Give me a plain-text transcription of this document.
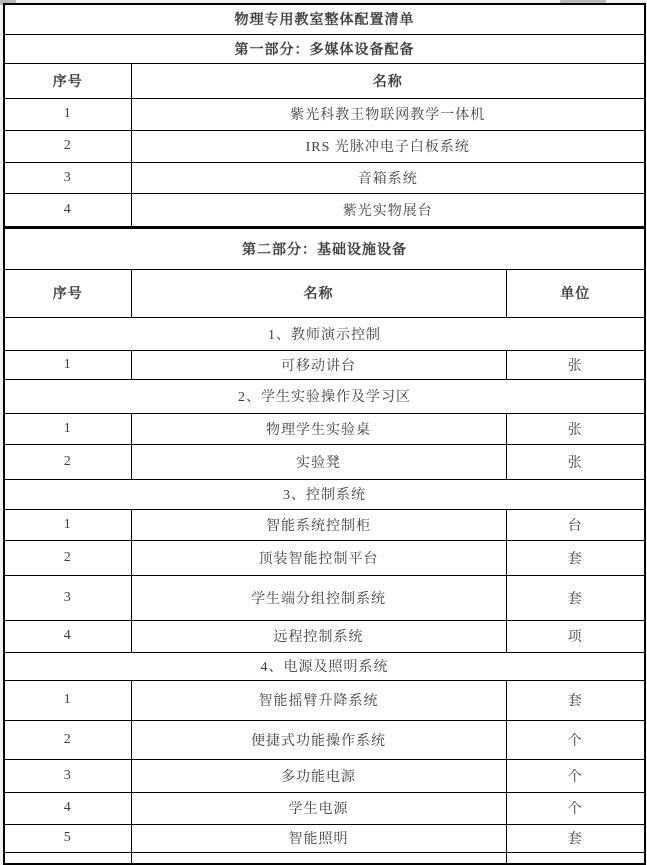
物理专用教室整体配置清单		
第一部分：多媒体设备配备		
序号	名称	
1	紫光科教王物联网教学一体机	
2	IRS 光脉冲电子白板系统	
3	音箱系统	
4	紫光实物展台	
第二部分：基础设施设备		
序号	名称	单位
1、教师演示控制		
1	可移动讲台	张
2、学生实验操作及学习区		
1	物理学生实验桌	张
2	实验凳	张
3、控制系统		
1	智能系统控制柜	台
2	顶装智能控制平台	套
3	学生端分组控制系统	套
4	远程控制系统	项
4、电源及照明系统		
1	智能摇臂升降系统	套
2	便捷式功能操作系统	个
3	多功能电源	个
4	学生电源	个
5	智能照明	套
